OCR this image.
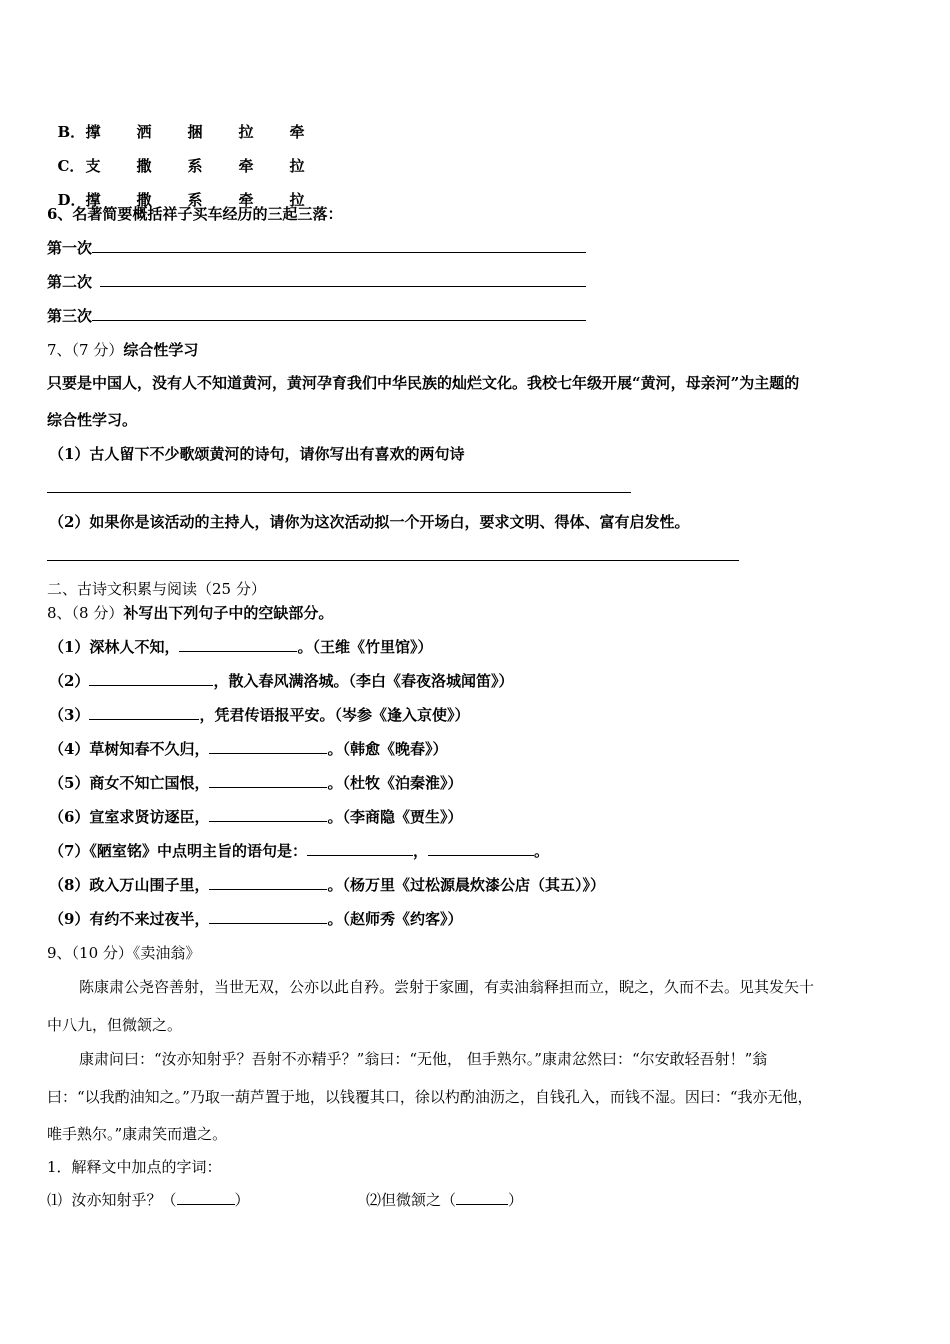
B．撑 洒 捆 拉 牵

C．支 撒 系 牵 拉

D．撑 撒 系 牵 拉

6、名著简要概括祥子买车经历的三起三落：
第一次
第二次
第三次
7、（7 分）综合性学习
只要是中国人，没有人不知道黄河，黄河孕育我们中华民族的灿烂文化。我校七年级开展“黄河，母亲河”为主题的
综合性学习。
（1）古人留下不少歌颂黄河的诗句，请你写出有喜欢的两句诗
（2）如果你是该活动的主持人，请你为这次活动拟一个开场白，要求文明、得体、富有启发性。
二、古诗文积累与阅读（25 分）
8、（8 分）补写出下列句子中的空缺部分。
（1）深林人不知，	。（王维《竹里馆》）
（2）	，散入春风满洛城。（李白《春夜洛城闻笛》）
（3）	，凭君传语报平安。（岑参《逢入京使》）
（4）草树知春不久归，	。（韩愈《晚春》）
（5）商女不知亡国恨，	。（杜牧《泊秦淮》）
（6）宣室求贤访逐臣，	。（李商隐《贾生》）
（7）《陋室铭》中点明主旨的语句是：	，	。
（8）政入万山围子里，	。（杨万里《过松源晨炊漆公店（其五）》）
（9）有约不来过夜半，	。（赵师秀《约客》）
9、（10 分）《卖油翁》
陈康肃公尧咨善射，当世无双，公亦以此自矜。尝射于家圃，有卖油翁释担而立，睨之，久而不去。见其发矢十
中八九，但微颔之。
康肃问曰：“汝亦知射乎？吾射不亦精乎？”翁曰：“无他， 但手熟尔。”康肃忿然曰：“尔安敢轻吾射！”翁
曰：“以我酌油知之。”乃取一葫芦置于地，以钱覆其口，徐以杓酌油沥之，自钱孔入，而钱不湿。因曰：“我亦无他，
唯手熟尔。”康肃笑而遣之。
1．解释文中加点的字词：
⑴  汝亦知射乎？（	）	⑵但微颔之（	）
